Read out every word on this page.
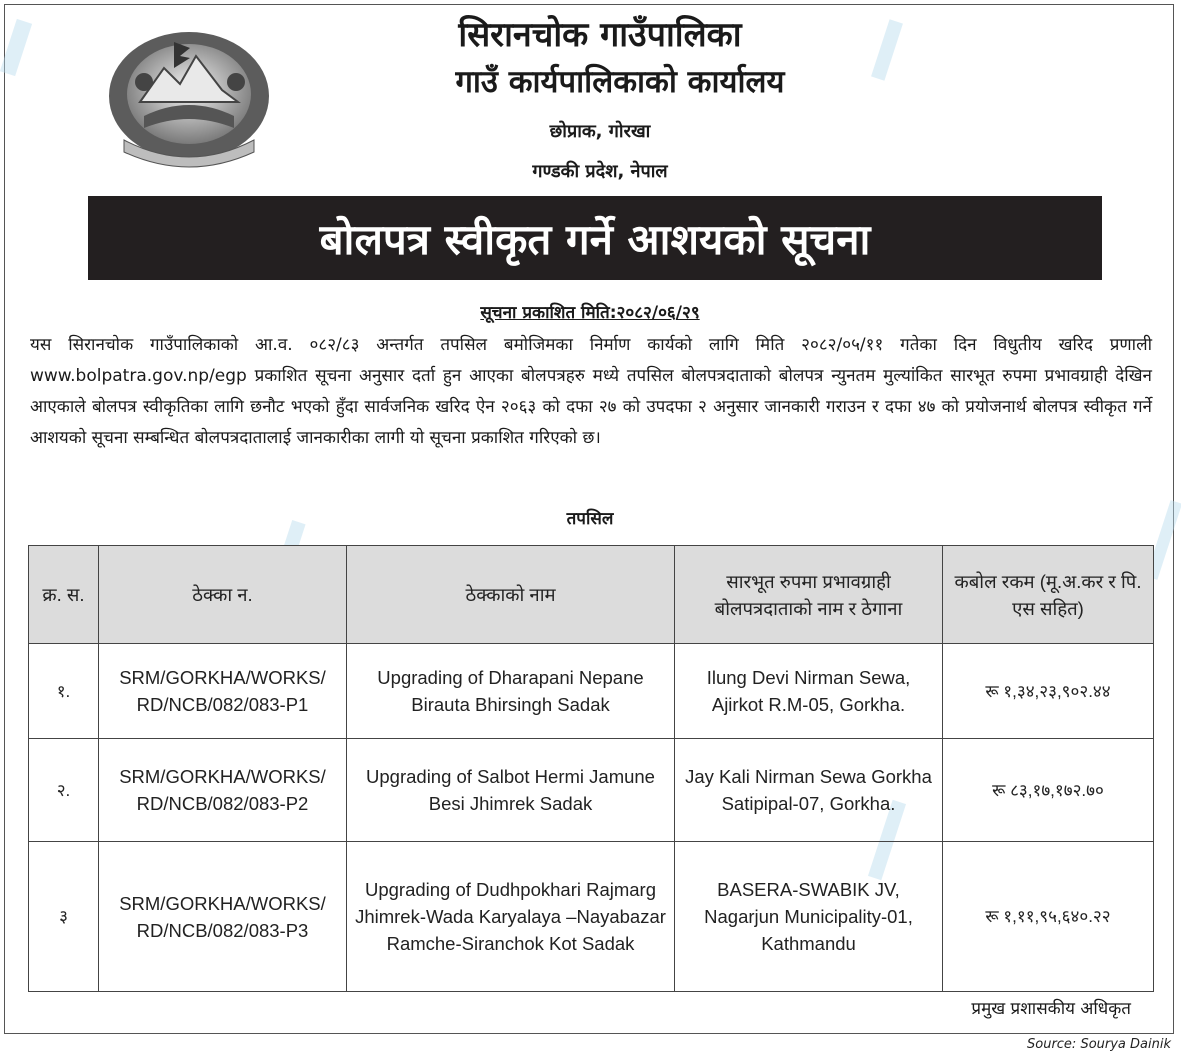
सिरानचोक गाउँपालिका
गाउँ कार्यपालिकाको कार्यालय
छोप्राक, गोरखा
गण्डकी प्रदेश, नेपाल
बोलपत्र स्वीकृत गर्ने आशयको सूचना
सूचना प्रकाशित मिति:२०८२/०६/२९

यस सिरानचोक गाउँपालिकाको आ.व. ०८२/८३ अन्तर्गत तपसिल बमोजिमका निर्माण कार्यको लागि मिति २०८२/०५/११ गतेका दिन विधुतीय खरिद प्रणाली www.bolpatra.gov.np/egp प्रकाशित सूचना अनुसार दर्ता हुन आएका बोलपत्रहरु मध्ये तपसिल बोलपत्रदाताको बोलपत्र न्युनतम मुल्यांकित सारभूत रुपमा प्रभावग्राही देखिन आएकाले बोलपत्र स्वीकृतिका लागि छनौट भएको हुँदा सार्वजनिक खरिद ऐन २०६३ को दफा २७ को उपदफा २ अनुसार जानकारी गराउन र दफा ४७ को प्रयोजनार्थ बोलपत्र स्वीकृत गर्ने आशयको सूचना सम्बन्धित बोलपत्रदातालाई जानकारीका लागी यो सूचना प्रकाशित गरिएको छ।

तपसिल
क्र. स.	ठेक्का न.	ठेक्काको नाम	सारभूत रुपमा प्रभावग्राही बोलपत्रदाताको नाम र ठेगाना	कबोल रकम (मू.अ.कर र पि. एस सहित)
१.	SRM/GORKHA/WORKS/ RD/NCB/082/083-P1	Upgrading of Dharapani Nepane Birauta Bhirsingh Sadak	Ilung Devi Nirman Sewa, Ajirkot R.M-05, Gorkha.	रू १,३४,२३,९०२.४४
२.	SRM/GORKHA/WORKS/ RD/NCB/082/083-P2	Upgrading of Salbot Hermi Jamune Besi Jhimrek Sadak	Jay Kali Nirman Sewa Gorkha Satipipal-07, Gorkha.	रू ८३,१७,१७२.७०
३	SRM/GORKHA/WORKS/ RD/NCB/082/083-P3	Upgrading of Dudhpokhari Rajmarg Jhimrek-Wada Karyalaya –Nayabazar Ramche-Siranchok Kot Sadak	BASERA-SWABIK JV, Nagarjun Municipality-01, Kathmandu	रू १,११,९५,६४०.२२
प्रमुख प्रशासकीय अधिकृत
Source: Sourya Dainik
